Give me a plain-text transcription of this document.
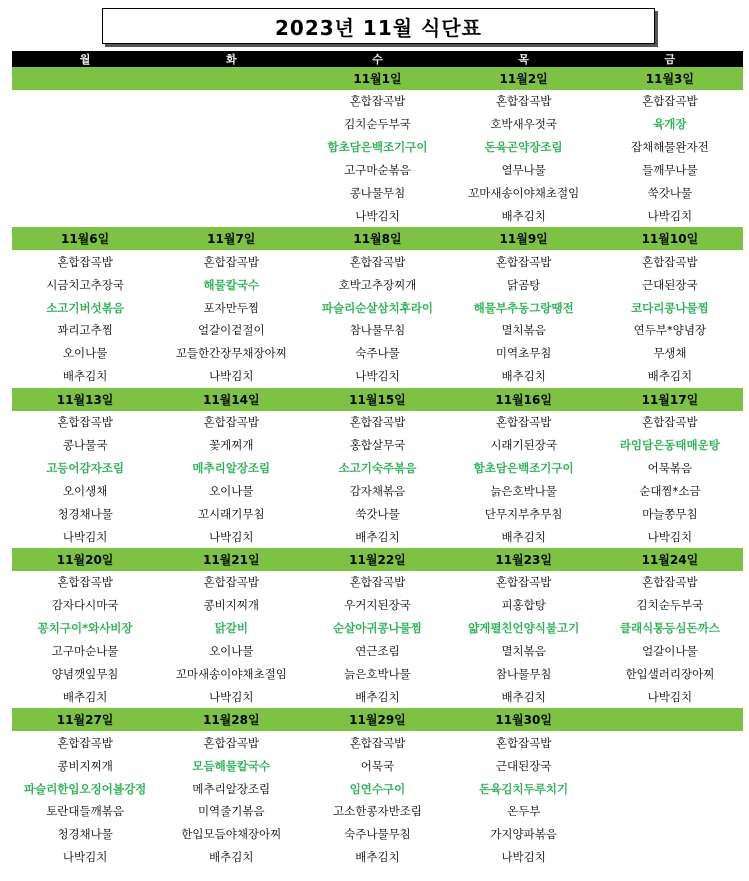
2023년 11월 식단표
월	화	수	목	금
		11월1일	11월2일	11월3일
		혼합잡곡밥	혼합잡곡밥	혼합잡곡밥
		김치순두부국	호박새우젓국	육개장
		함초담은백조기구이	돈육곤약장조림	잡채해물완자전
		고구마순볶음	열무나물	들깨무나물
		콩나물무침	꼬마새송이야채초절임	쑥갓나물
		나박김치	배추김치	나박김치
11월6일	11월7일	11월8일	11월9일	11월10일
혼합잡곡밥	혼합잡곡밥	혼합잡곡밥	혼합잡곡밥	혼합잡곡밥
시금치고추장국	해물칼국수	호박고추장찌개	닭곰탕	근대된장국
소고기버섯볶음	포자만두찜	파슬리순살삼치후라이	해물부추동그랑땡전	코다리콩나물찜
꽈리고추찜	얼갈이겉절이	참나물무침	멸치볶음	연두부*양념장
오이나물	꼬들한간장무채장아찌	숙주나물	미역초무침	무생채
배추김치	나박김치	나박김치	배추김치	배추김치
11월13일	11월14일	11월15일	11월16일	11월17일
혼합잡곡밥	혼합잡곡밥	혼합잡곡밥	혼합잡곡밥	혼합잡곡밥
콩나물국	꽃게찌개	홍합살무국	시래기된장국	라임담은동태매운탕
고등어감자조림	메추리알장조림	소고기숙주볶음	함초담은백조기구이	어묵볶음
오이생채	오이나물	감자채볶음	늙은호박나물	순대찜*소금
청경채나물	꼬시래기무침	쑥갓나물	단무지부추무침	마늘쫑무침
나박김치	나박김치	배추김치	배추김치	나박김치
11월20일	11월21일	11월22일	11월23일	11월24일
혼합잡곡밥	혼합잡곡밥	혼합잡곡밥	혼합잡곡밥	혼합잡곡밥
감자다시마국	콩비지찌개	우거지된장국	피홍합탕	김치순두부국
꽁치구이*와사비장	닭갈비	순살아귀콩나물찜	얇게펼친언양식불고기	클래식통등심돈까스
고구마순나물	오이나물	연근조림	멸치볶음	얼갈이나물
양념깻잎무침	꼬마새송이야채초절임	늙은호박나물	참나물무침	한입샐러리장아찌
배추김치	나박김치	배추김치	배추김치	나박김치
11월27일	11월28일	11월29일	11월30일	
혼합잡곡밥	혼합잡곡밥	혼합잡곡밥	혼합잡곡밥	
콩비지찌개	모듬해물칼국수	어묵국	근대된장국	
파슬리한입오징어볼강정	메추리알장조림	임연수구이	돈육김치두루치기	
토란대들깨볶음	미역줄기볶음	고소한콩자반조림	온두부	
청경채나물	한입모듬야채장아찌	숙주나물무침	가지양파볶음	
나박김치	배추김치	배추김치	나박김치	
